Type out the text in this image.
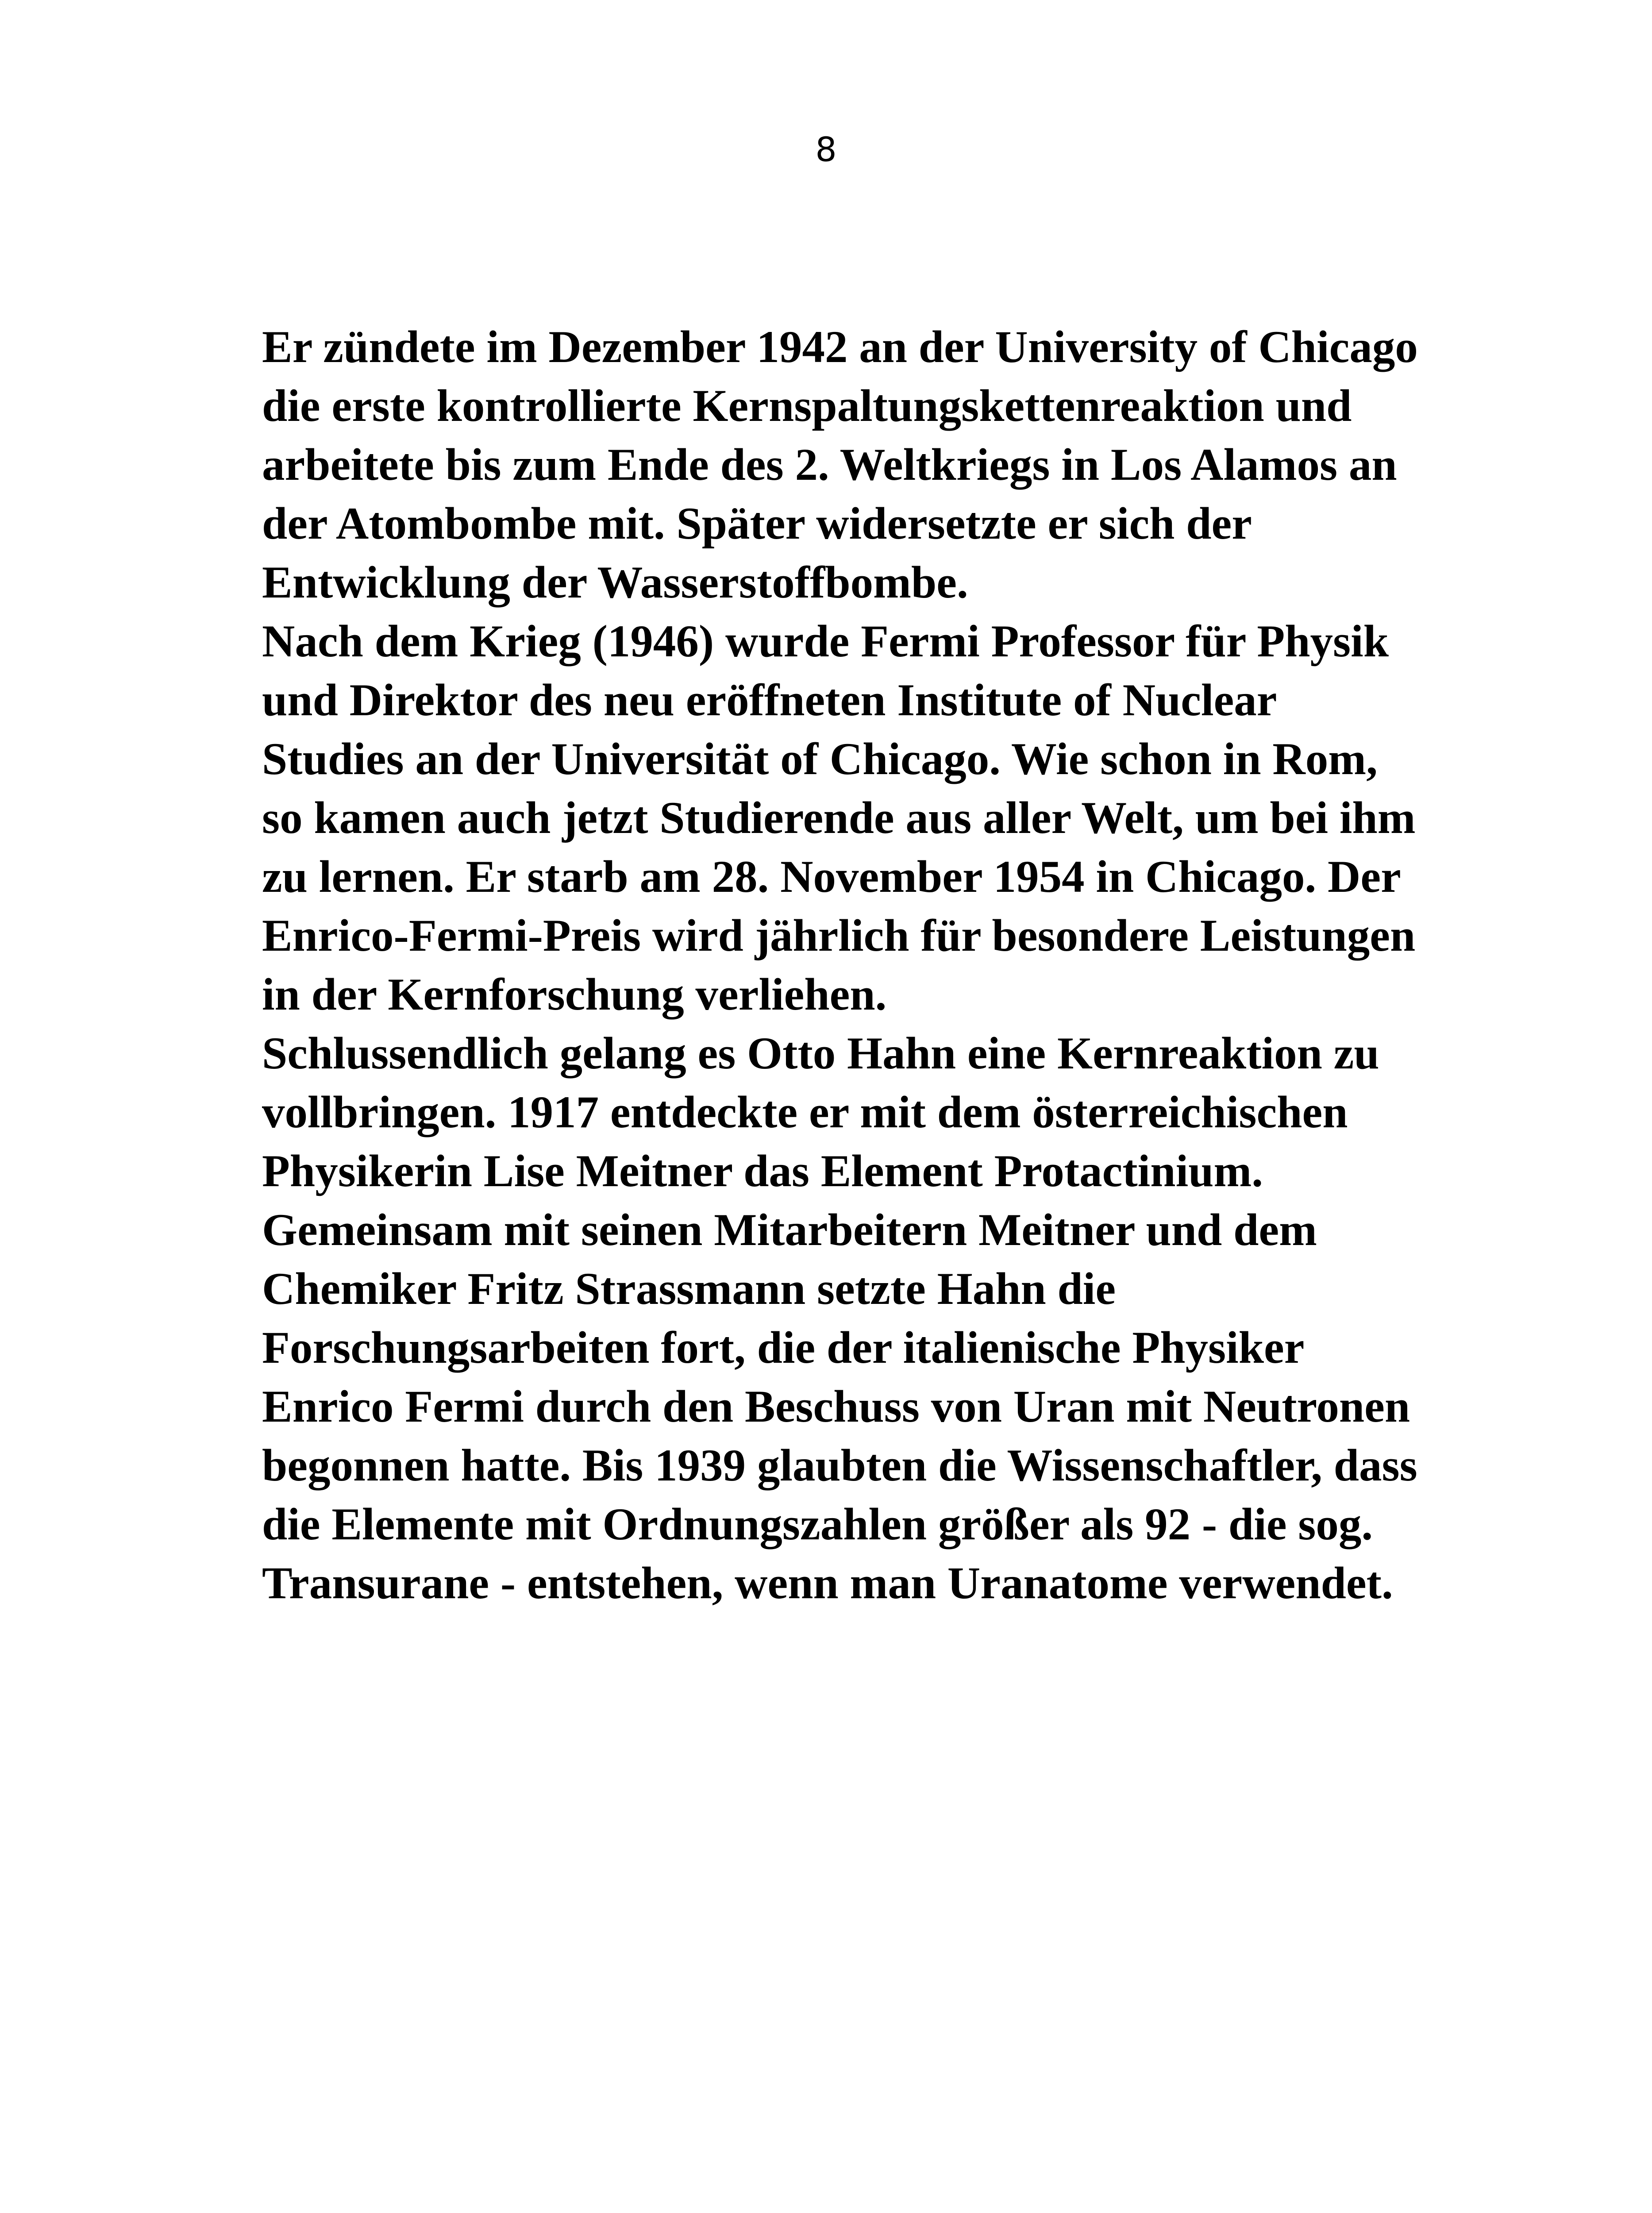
8
Er zündete im Dezember 1942 an der University of Chicago
die erste kontrollierte Kernspaltungskettenreaktion und
arbeitete bis zum Ende des 2. Weltkriegs in Los Alamos an
der Atombombe mit. Später widersetzte er sich der
Entwicklung der Wasserstoffbombe.
Nach dem Krieg (1946) wurde Fermi Professor für Physik
und Direktor des neu eröffneten Institute of Nuclear
Studies an der Universität of Chicago. Wie schon in Rom,
so kamen auch jetzt Studierende aus aller Welt, um bei ihm
zu lernen. Er starb am 28. November 1954 in Chicago. Der
Enrico-Fermi-Preis wird jährlich für besondere Leistungen
in der Kernforschung verliehen.
Schlussendlich gelang es Otto Hahn eine Kernreaktion zu
vollbringen. 1917 entdeckte er mit dem österreichischen
Physikerin Lise Meitner das Element Protactinium.
Gemeinsam mit seinen Mitarbeitern Meitner und dem
Chemiker Fritz Strassmann setzte Hahn die
Forschungsarbeiten fort, die der italienische Physiker
Enrico Fermi durch den Beschuss von Uran mit Neutronen
begonnen hatte. Bis 1939 glaubten die Wissenschaftler, dass
die Elemente mit Ordnungszahlen größer als 92 - die sog.
Transurane - entstehen, wenn man Uranatome verwendet.
